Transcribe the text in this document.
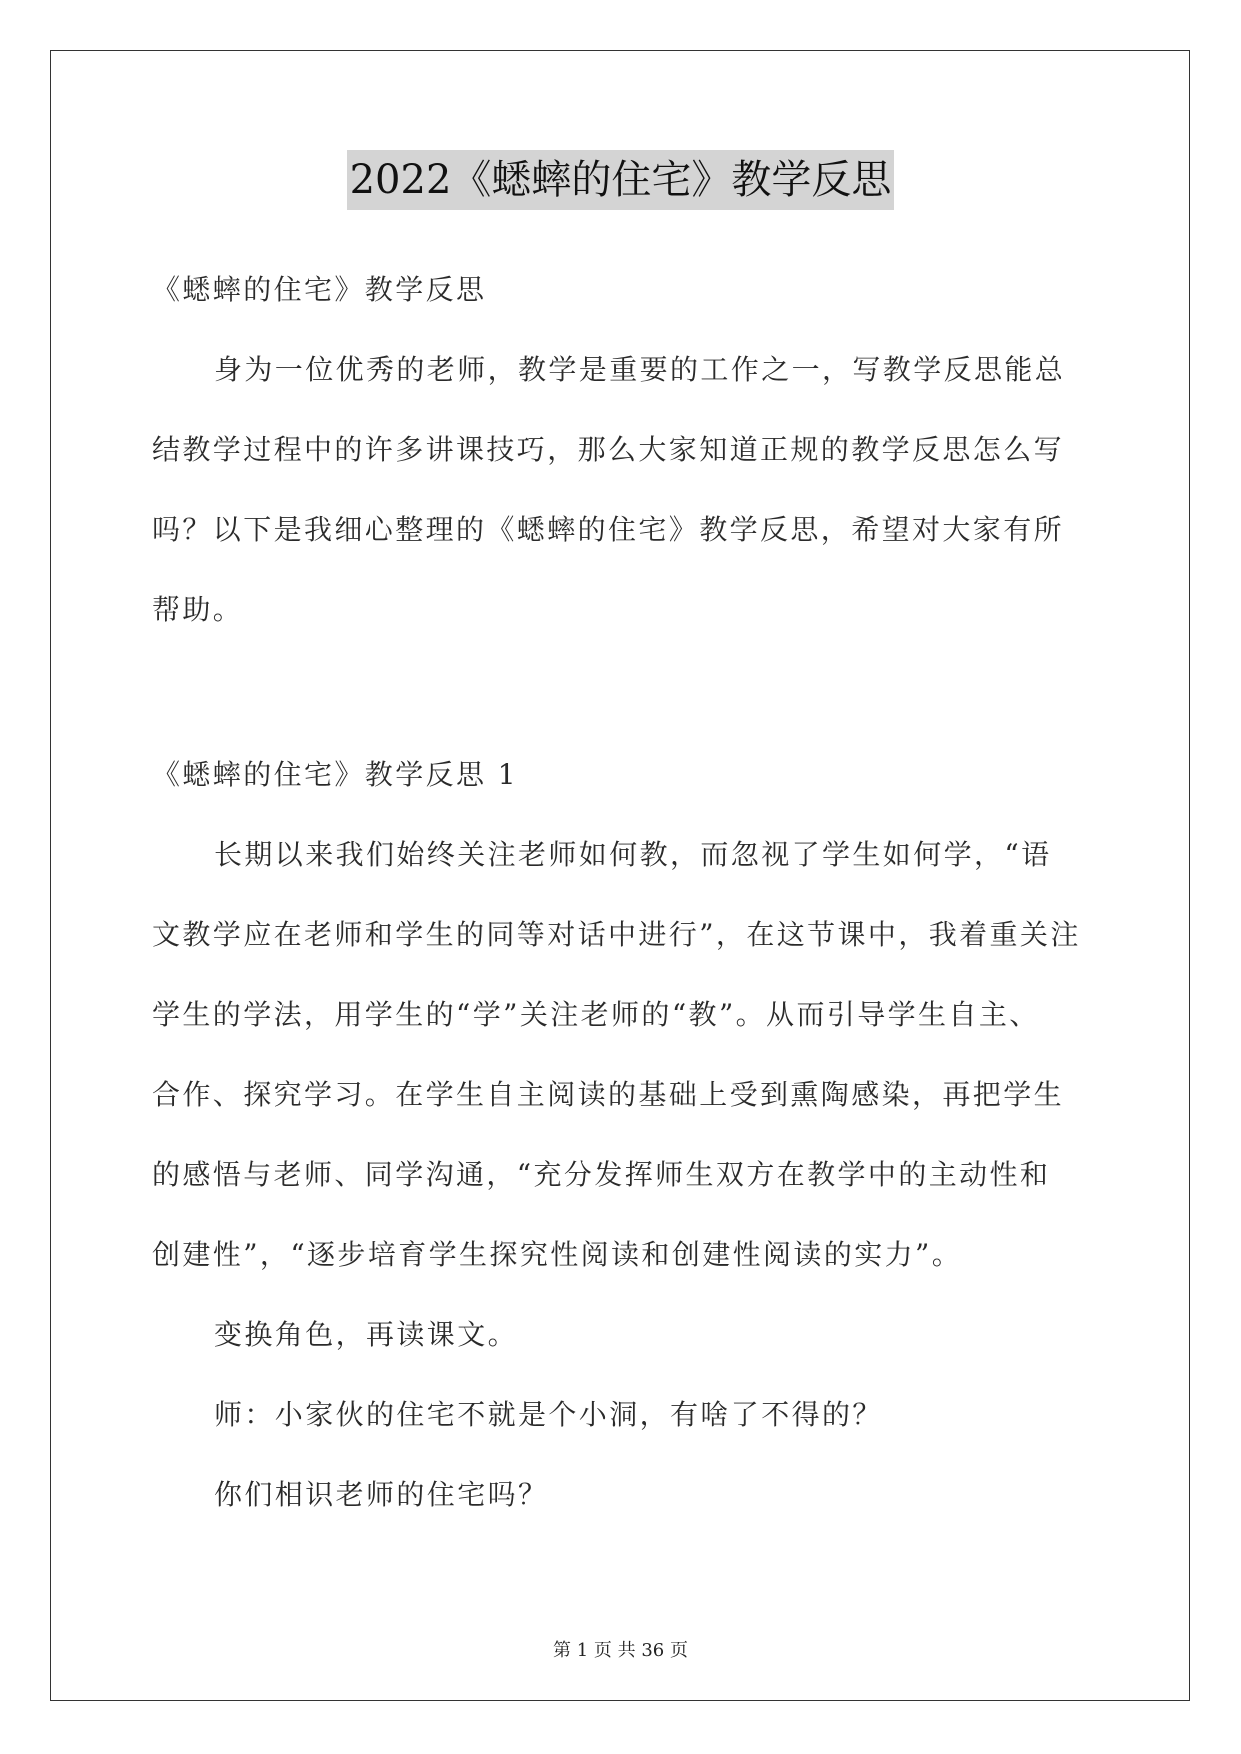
2022《蟋蟀的住宅》教学反思
《蟋蟀的住宅》教学反思
身为一位优秀的老师，教学是重要的工作之一，写教学反思能总
结教学过程中的许多讲课技巧，那么大家知道正规的教学反思怎么写
吗？以下是我细心整理的《蟋蟀的住宅》教学反思，希望对大家有所
帮助。
《蟋蟀的住宅》教学反思 1
长期以来我们始终关注老师如何教，而忽视了学生如何学，“语
文教学应在老师和学生的同等对话中进行”，在这节课中，我着重关注
学生的学法，用学生的“学”关注老师的“教”。从而引导学生自主、
合作、探究学习。在学生自主阅读的基础上受到熏陶感染，再把学生
的感悟与老师、同学沟通，“充分发挥师生双方在教学中的主动性和
创建性”，“逐步培育学生探究性阅读和创建性阅读的实力”。
变换角色，再读课文。
师：小家伙的住宅不就是个小洞，有啥了不得的？
你们相识老师的住宅吗？
第 1 页 共 36 页
